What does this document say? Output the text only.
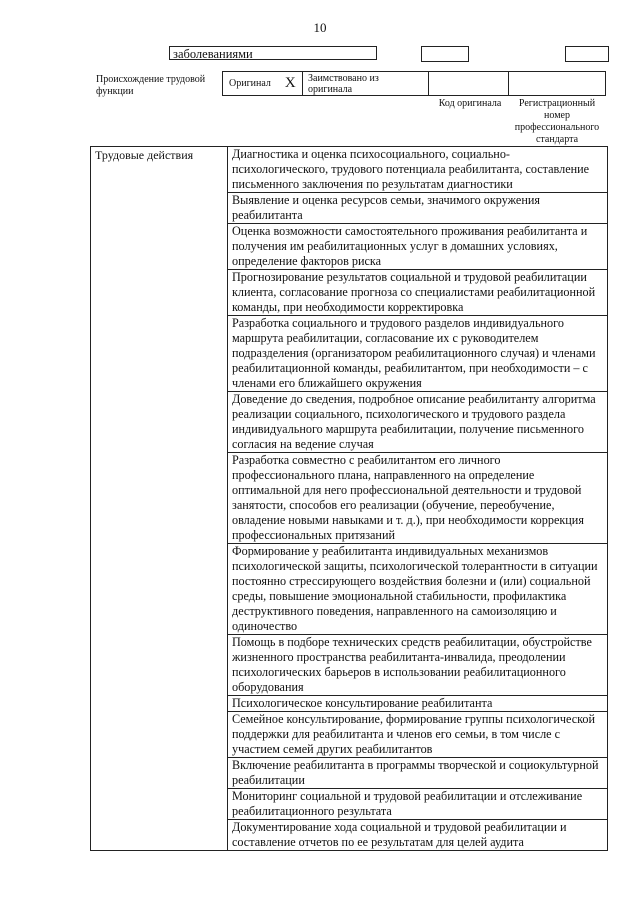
10
заболеваниями
Происхождение трудовой функции
Оригинал X	Заимствовано из оригинала
Код оригинала	Регистрационный номер профессионального стандарта
Трудовые действия	Диагностика и оценка психосоциального, социально-психологического, трудового потенциала реабилитанта, составление письменного заключения по результатам диагностики
Выявление и оценка ресурсов семьи, значимого окружения реабилитанта
Оценка возможности самостоятельного проживания реабилитанта и получения им реабилитационных услуг в домашних условиях, определение факторов риска
Прогнозирование результатов социальной и трудовой реабилитации клиента, согласование прогноза со специалистами реабилитационной команды, при необходимости корректировка
Разработка социального и трудового разделов индивидуального маршрута реабилитации, согласование их с руководителем подразделения (организатором реабилитационного случая) и членами реабилитационной команды, реабилитантом, при необходимости – с членами его ближайшего окружения
Доведение до сведения, подробное описание реабилитанту алгоритма реализации социального, психологического и трудового раздела индивидуального маршрута реабилитации, получение письменного согласия на ведение случая
Разработка совместно с реабилитантом его личного профессионального плана, направленного на определение оптимальной для него профессиональной деятельности и трудовой занятости, способов его реализации (обучение, переобучение, овладение новыми навыками и т. д.), при необходимости коррекция профессиональных притязаний
Формирование у реабилитанта индивидуальных механизмов психологической защиты, психологической толерантности в ситуации постоянно стрессирующего воздействия болезни и (или) социальной среды, повышение эмоциональной стабильности, профилактика деструктивного поведения, направленного на самоизоляцию и одиночество
Помощь в подборе технических средств реабилитации, обустройстве жизненного пространства реабилитанта-инвалида, преодолении психологических барьеров в использовании реабилитационного оборудования
Психологическое консультирование реабилитанта
Семейное консультирование, формирование группы психологической поддержки для реабилитанта и членов его семьи, в том числе с участием семей других реабилитантов
Включение реабилитанта в программы творческой и социокультурной реабилитации
Мониторинг социальной и трудовой реабилитации и отслеживание реабилитационного результата
Документирование хода социальной и трудовой реабилитации и составление отчетов по ее результатам для целей аудита
